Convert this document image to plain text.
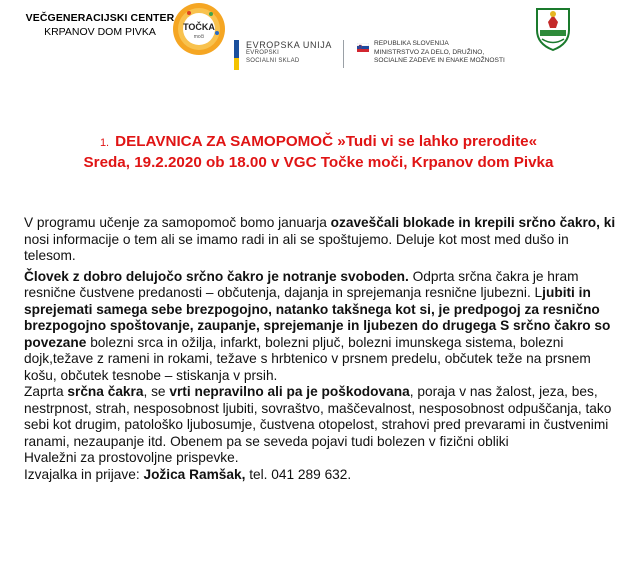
VEČGENERACIJSKI CENTER
KRPANOV DOM PIVKA	TOČKA
moči
EVROPSKA UNIJA
EVROPSKI
SOCIALNI SKLAD
REPUBLIKA SLOVENIJA
MINISTRSTVO ZA DELO, DRUŽINO,
SOCIALNE ZADEVE IN ENAKE MOŽNOSTI
1. DELAVNICA ZA SAMOPOMOČ »Tudi vi se lahko prerodite«
Sreda, 19.2.2020 ob 18.00 v VGC Točke moči, Krpanov dom Pivka

V programu učenje za samopomoč bomo januarja ozaveščali blokade in krepili srčno čakro, ki nosi informacije o tem ali se imamo radi in ali se spoštujemo. Deluje kot most med dušo in telesom.

Človek z dobro delujočo srčno čakro je notranje svoboden. Odprta srčna čakra je hram resnične čustvene predanosti – občutenja, dajanja in sprejemanja resnične ljubezni. Ljubiti in sprejemati samega sebe brezpogojno, natanko takšnega kot si, je predpogoj za resnično brezpogojno spoštovanje, zaupanje, sprejemanje in ljubezen do drugega S srčno čakro so povezane bolezni srca in ožilja, infarkt, bolezni pljuč, bolezni imunskega sistema, bolezni dojk,težave z rameni in rokami, težave s hrbtenico v prsnem predelu, občutek teže na prsnem košu, občutek tesnobe – stiskanja v prsih.

Zaprta srčna čakra, se vrti nepravilno ali pa je poškodovana, poraja v nas žalost, jeza, bes, nestrpnost, strah, nesposobnost ljubiti, sovraštvo, maščevalnost, nesposobnost odpuščanja, tako sebi kot drugim, patološko ljubosumje, čustvena otopelost, strahovi pred prevarami in čustvenimi ranami, nezaupanje itd. Obenem pa se seveda pojavi tudi bolezen v fizični obliki

Hvaležni za prostovoljne prispevke.

Izvajalka in prijave: Jožica Ramšak, tel. 041 289 632.
